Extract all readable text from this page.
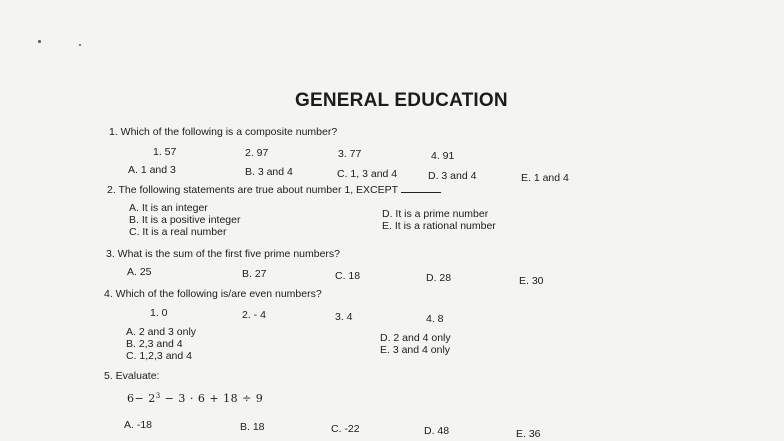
GENERAL EDUCATION
1. Which of the following is a composite number?
1. 57	2. 97	3. 77	4. 91
A. 1 and 3	B. 3 and 4	C. 1, 3 and 4	D. 3 and 4	E. 1 and 4
2. The following statements are true about number 1, EXCEPT
A. It is an integer
B. It is a positive integer
C. It is a real number
D. It is a prime number
E. It is a rational number
3. What is the sum of the first five prime numbers?
A. 25	B. 27	C. 18	D. 28	E. 30
4. Which of the following is/are even numbers?
1. 0	2. - 4	3. 4	4. 8
A. 2 and 3 only
B. 2,3 and 4
C. 1,2,3 and 4
D. 2 and 4 only
E. 3 and 4 only
5. Evaluate:
$6- 2^3 - 3 \cdot 6 + 18 \div 9$
A. -18	B. 18	C. -22	D. 48	E. 36
